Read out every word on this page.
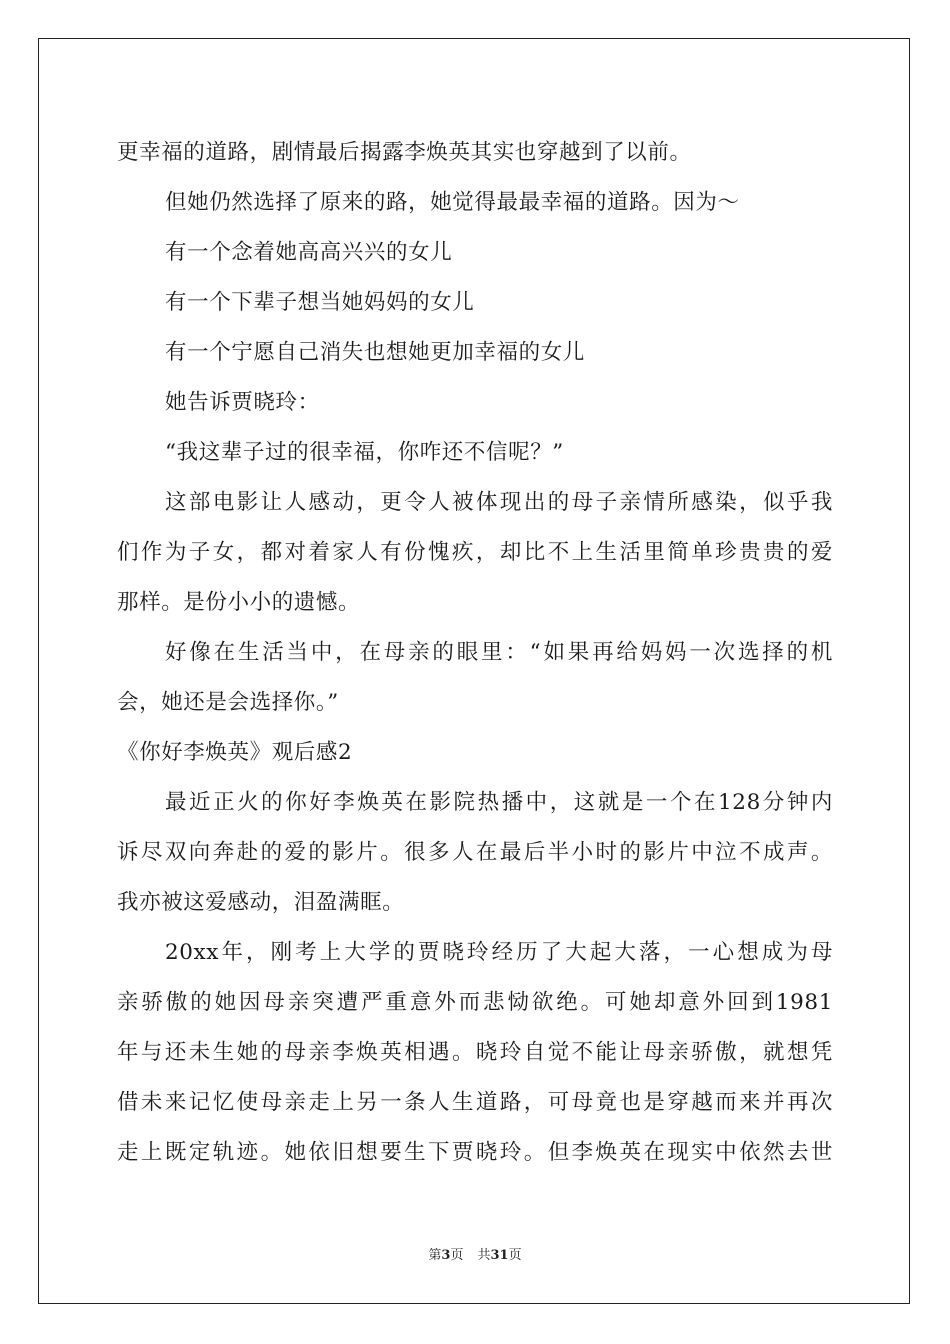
更幸福的道路，剧情最后揭露李焕英其实也穿越到了以前。
但她仍然选择了原来的路，她觉得最最幸福的道路。因为～
有一个念着她高高兴兴的女儿
有一个下辈子想当她妈妈的女儿
有一个宁愿自己消失也想她更加幸福的女儿
她告诉贾晓玲：
“我这辈子过的很幸福，你咋还不信呢？”
这部电影让人感动，更令人被体现出的母子亲情所感染，似乎我
们作为子女，都对着家人有份愧疚，却比不上生活里简单珍贵贵的爱
那样。是份小小的遗憾。
好像在生活当中，在母亲的眼里：“如果再给妈妈一次选择的机
会，她还是会选择你。”
《你好李焕英》观后感2
最近正火的你好李焕英在影院热播中，这就是一个在128分钟内
诉尽双向奔赴的爱的影片。很多人在最后半小时的影片中泣不成声。
我亦被这爱感动，泪盈满眶。
20xx年，刚考上大学的贾晓玲经历了大起大落，一心想成为母
亲骄傲的她因母亲突遭严重意外而悲恸欲绝。可她却意外回到1981
年与还未生她的母亲李焕英相遇。晓玲自觉不能让母亲骄傲，就想凭
借未来记忆使母亲走上另一条人生道路，可母竟也是穿越而来并再次
走上既定轨迹。她依旧想要生下贾晓玲。但李焕英在现实中依然去世
第3页 共31页
